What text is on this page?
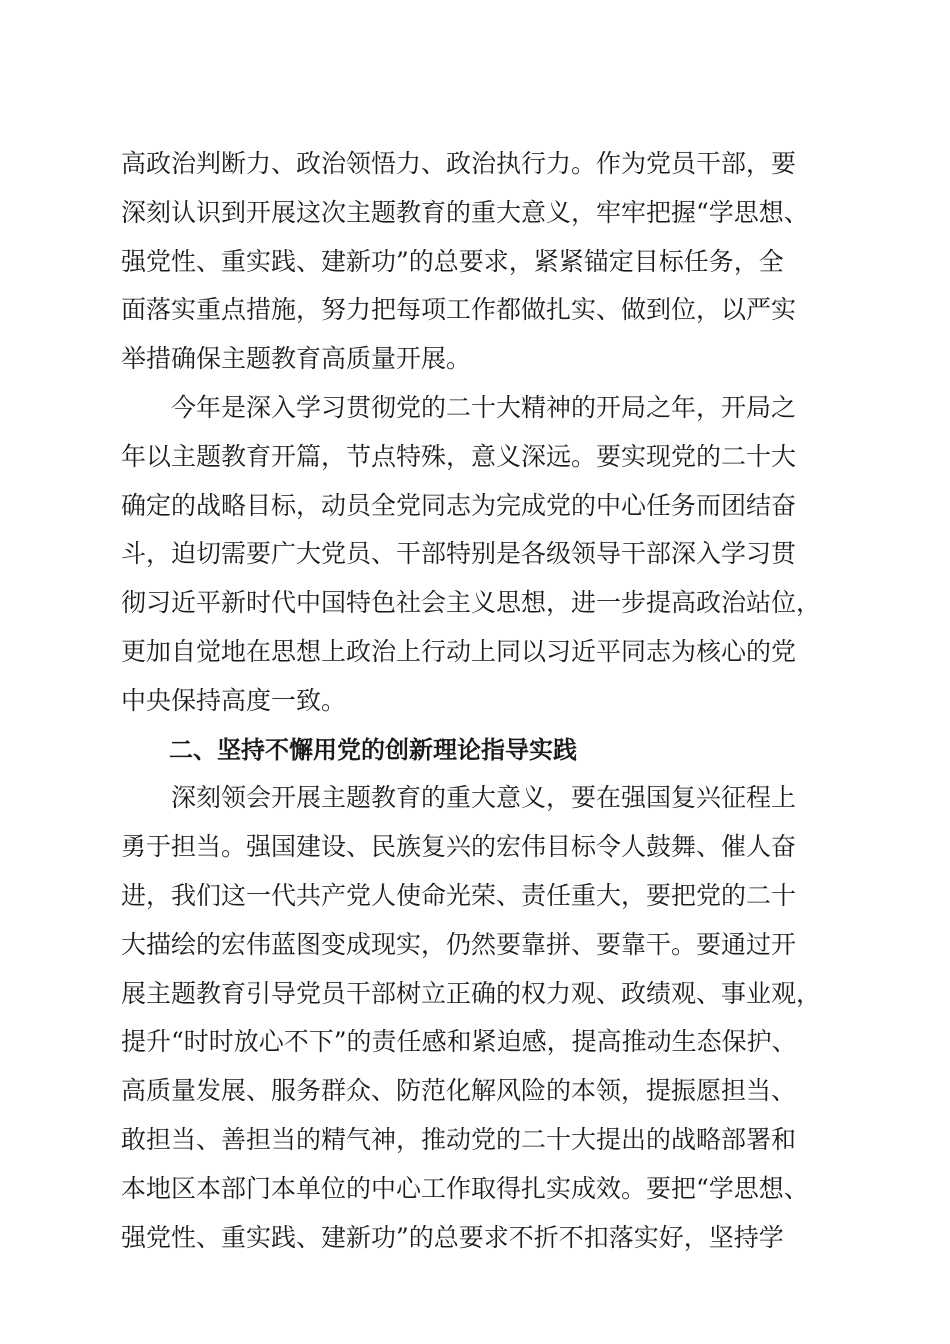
高政治判断力、政治领悟力、政治执行力。作为党员干部，要
深刻认识到开展这次主题教育的重大意义，牢牢把握“学思想、
强党性、重实践、建新功”的总要求，紧紧锚定目标任务，全
面落实重点措施，努力把每项工作都做扎实、做到位，以严实
举措确保主题教育高质量开展。
　　今年是深入学习贯彻党的二十大精神的开局之年，开局之
年以主题教育开篇，节点特殊，意义深远。要实现党的二十大
确定的战略目标，动员全党同志为完成党的中心任务而团结奋
斗，迫切需要广大党员、干部特别是各级领导干部深入学习贯
彻习近平新时代中国特色社会主义思想，进一步提高政治站位，
更加自觉地在思想上政治上行动上同以习近平同志为核心的党
中央保持高度一致。
　　二、坚持不懈用党的创新理论指导实践
　　深刻领会开展主题教育的重大意义，要在强国复兴征程上
勇于担当。强国建设、民族复兴的宏伟目标令人鼓舞、催人奋
进，我们这一代共产党人使命光荣、责任重大，要把党的二十
大描绘的宏伟蓝图变成现实，仍然要靠拼、要靠干。要通过开
展主题教育引导党员干部树立正确的权力观、政绩观、事业观，
提升“时时放心不下”的责任感和紧迫感，提高推动生态保护、
高质量发展、服务群众、防范化解风险的本领，提振愿担当、
敢担当、善担当的精气神，推动党的二十大提出的战略部署和
本地区本部门本单位的中心工作取得扎实成效。要把“学思想、
强党性、重实践、建新功”的总要求不折不扣落实好，坚持学
